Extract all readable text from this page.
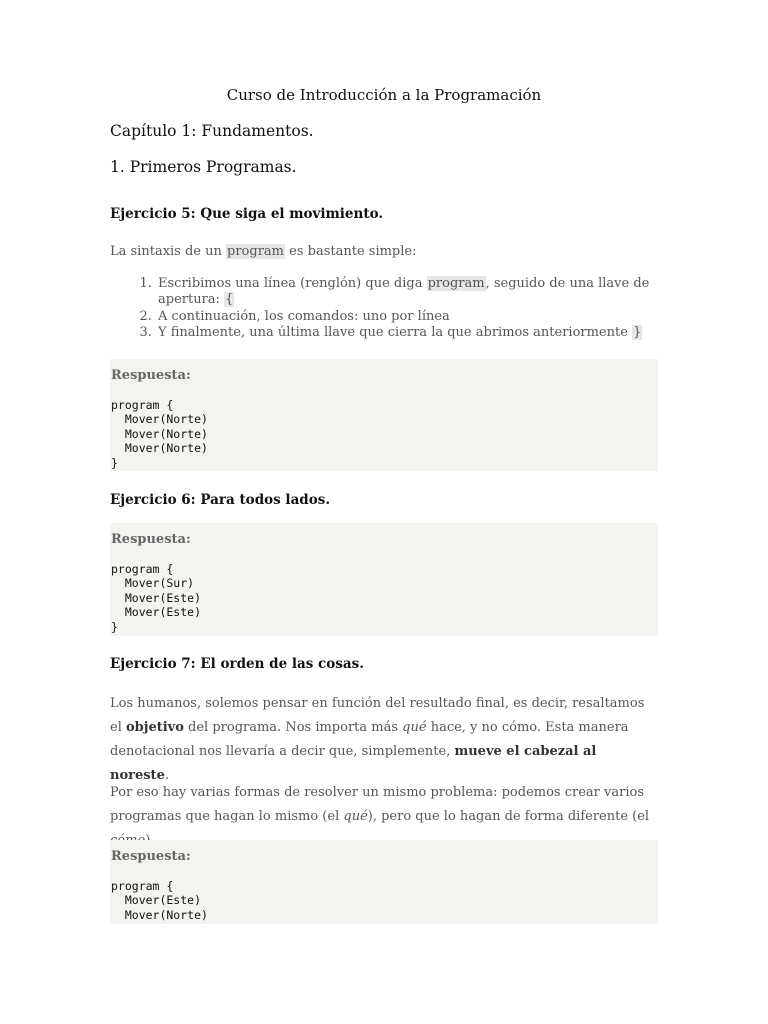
Curso de Introducción a la Programación
Capítulo 1: Fundamentos.
1. Primeros Programas.
Ejercicio 5: Que siga el movimiento.
La sintaxis de un program es bastante simple:
1. Escribimos una línea (renglón) que diga program, seguido de una llave de apertura: {
2. A continuación, los comandos: uno por línea
3. Y finalmente, una última llave que cierra la que abrimos anteriormente }
Respuesta:
program {
Mover(Norte)
Mover(Norte)
Mover(Norte)
}
Ejercicio 6: Para todos lados.
Respuesta:
program {
Mover(Sur)
Mover(Este)
Mover(Este)
}
Ejercicio 7: El orden de las cosas.
Los humanos, solemos pensar en función del resultado final, es decir, resaltamos el objetivo del programa. Nos importa más qué hace, y no cómo. Esta manera denotacional nos llevaría a decir que, simplemente, mueve el cabezal al noreste.
Por eso hay varias formas de resolver un mismo problema: podemos crear varios programas que hagan lo mismo (el qué), pero que lo hagan de forma diferente (el
Respuesta:
program {
Mover(Este)
Mover(Norte)
